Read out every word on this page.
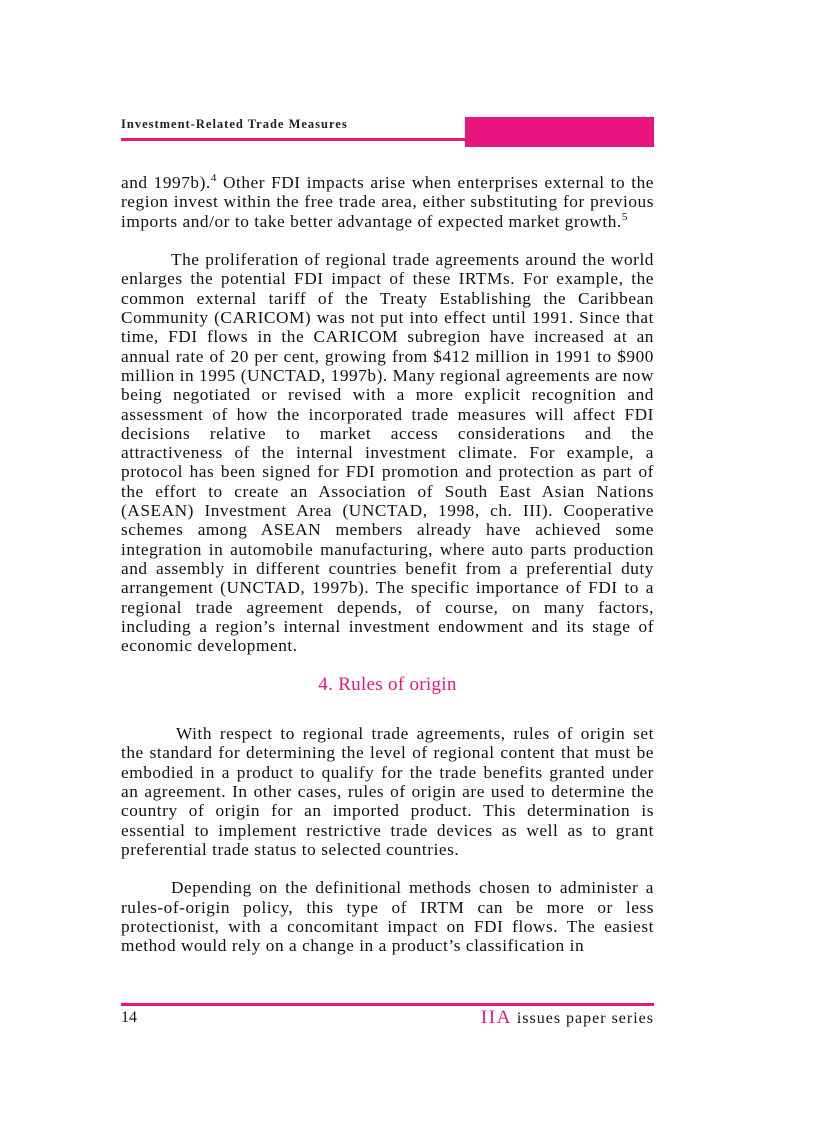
Investment-Related Trade Measures

and 1997b).$^4$ Other FDI impacts arise when enterprises external to the region invest within the free trade area, either substituting for previous imports and/or to take better advantage of expected market growth.$^5$

The proliferation of regional trade agreements around the world enlarges the potential FDI impact of these IRTMs. For example, the common external tariff of the Treaty Establishing the Caribbean Community (CARICOM) was not put into effect until 1991. Since that time, FDI flows in the CARICOM subregion have increased at an annual rate of 20 per cent, growing from $412 million in 1991 to $900 million in 1995 (UNCTAD, 1997b). Many regional agreements are now being negotiated or revised with a more explicit recognition and assessment of how the incorporated trade measures will affect FDI decisions relative to market access considerations and the attractiveness of the internal investment climate. For example, a protocol has been signed for FDI promotion and protection as part of the effort to create an Association of South East Asian Nations (ASEAN) Investment Area (UNCTAD, 1998, ch. III). Cooperative schemes among ASEAN members already have achieved some integration in automobile manufacturing, where auto parts production and assembly in different countries benefit from a preferential duty arrangement (UNCTAD, 1997b). The specific importance of FDI to a regional trade agreement depends, of course, on many factors, including a region’s internal investment endowment and its stage of economic development.

4. Rules of origin

With respect to regional trade agreements, rules of origin set the standard for determining the level of regional content that must be embodied in a product to qualify for the trade benefits granted under an agreement. In other cases, rules of origin are used to determine the country of origin for an imported product. This determination is essential to implement restrictive trade devices as well as to grant preferential trade status to selected countries.

Depending on the definitional methods chosen to administer a rules-of-origin policy, this type of IRTM can be more or less protectionist, with a concomitant impact on FDI flows. The easiest method would rely on a change in a product’s classification in

14	IIA issues paper series
